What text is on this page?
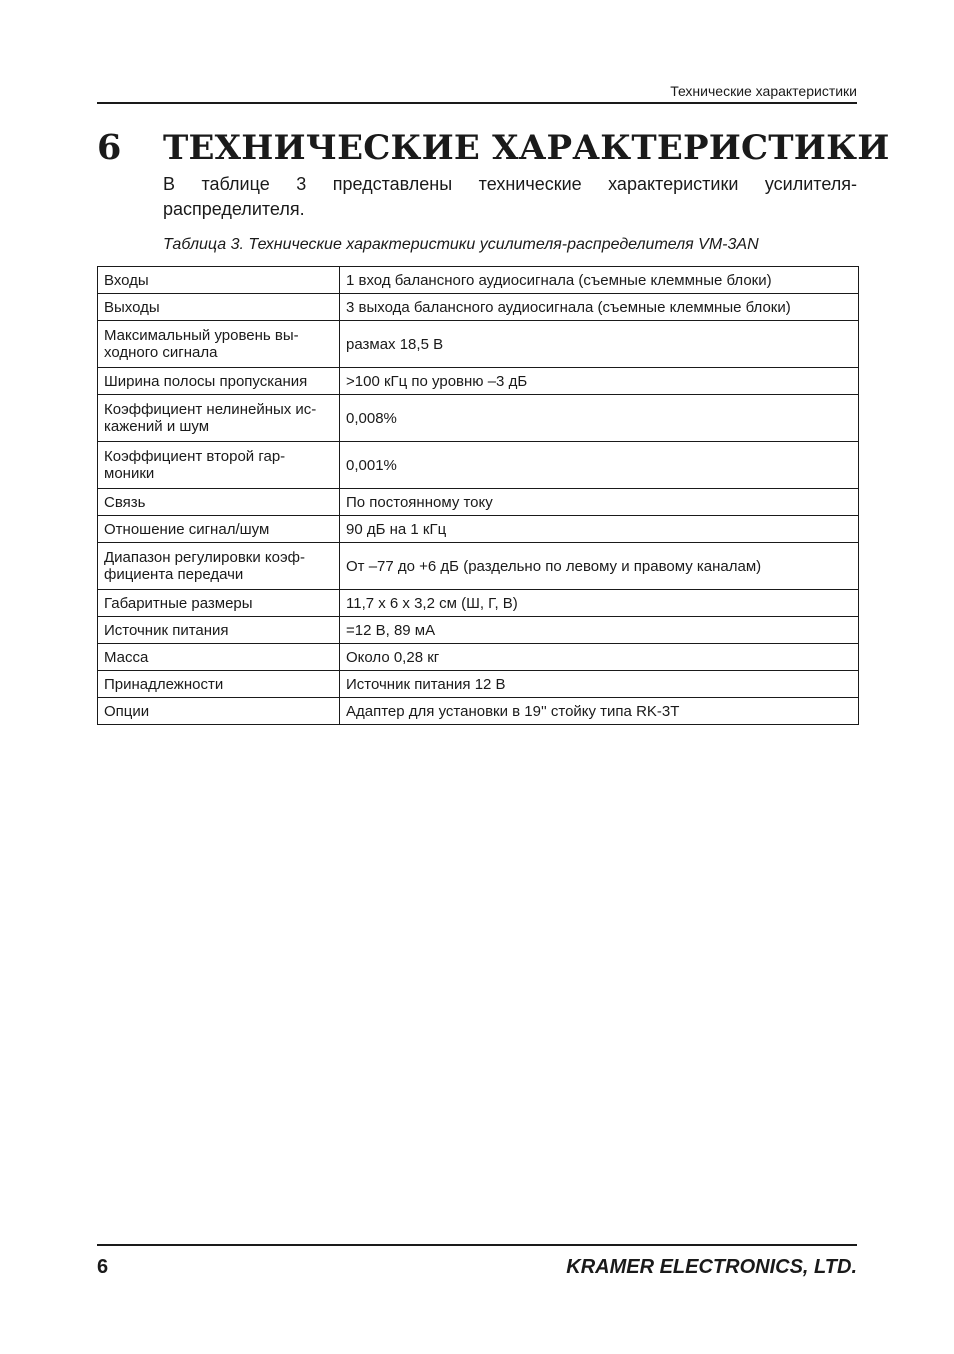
Технические характеристики
6 ТЕХНИЧЕСКИЕ ХАРАКТЕРИСТИКИ
В таблице 3 представлены технические характеристики усилителя-распределителя.
Таблица 3. Технические характеристики усилителя-распределителя VM-3AN
Входы	1 вход балансного аудиосигнала (съемные клеммные блоки)
Выходы	3 выхода балансного аудиосигнала (съемные клеммные блоки)
Максимальный уровень вы-ходного сигнала	размах 18,5 В
Ширина полосы пропускания	>100 кГц по уровню –3 дБ
Коэффициент нелинейных ис-кажений и шум	0,008%
Коэффициент второй гар-моники	0,001%
Связь	По постоянному току
Отношение сигнал/шум	90 дБ на 1 кГц
Диапазон регулировки коэф-фициента передачи	От –77 до +6 дБ (раздельно по левому и правому каналам)
Габаритные размеры	11,7 x 6 x 3,2 см (Ш, Г, В)
Источник питания	=12 В, 89 мА
Масса	Около 0,28 кг
Принадлежности	Источник питания 12 В
Опции	Адаптер для установки в 19'' стойку типа RK-3T
6	KRAMER ELECTRONICS, LTD.
